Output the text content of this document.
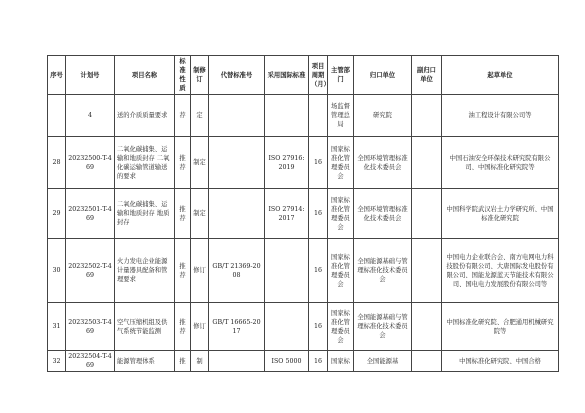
序号	计划号	项目名称	标准性质	制修订	代替标准号	采用国际标准	项目周期（月）	主管部门	归口单位	副归口单位	起草单位
	4	送的介质质量要求	荐	定				场监督管理总局	研究院		油工程设计有限公司等
28	20232500-T-469	二氧化碳捕集、运输和地质封存 二氧化碳运输管道输送的要求	推荐	制定		ISO 27916:2019	16	国家标准化管理委员会	全国环境管理标准化技术委员会		中国石油安全环保技术研究院有限公司、中国标准化研究院等
29	20232501-T-469	二氧化碳捕集、运输和地质封存 地质封存	推荐	制定		ISO 27914:2017	16	国家标准化管理委员会	全国环境管理标准化技术委员会		中国科学院武汉岩土力学研究所、中国标准化研究院
30	20232502-T-469	火力发电企业能源计量器具配备和管理要求	推荐	修订	GB/T 21369-2008		16	国家标准化管理委员会	全国能源基础与管理标准化技术委员会		中国电力企业联合会、南方电网电力科技股份有限公司、大唐国际发电股份有限公司、国能龙源蓝天节能技术有限公司、国电电力发展股份有限公司等
31	20232503-T-469	空气压缩机组及供气系统节能监测	推荐	修订	GB/T 16665-2017		16	国家标准化管理委员会	全国能源基础与管理标准化技术委员会		中国标准化研究院、合肥通用机械研究院等
32	20232504-T-469	能源管理体系	推	制		ISO 5000	16	国家标	全国能源基		中国标准化研究院、中国合格
